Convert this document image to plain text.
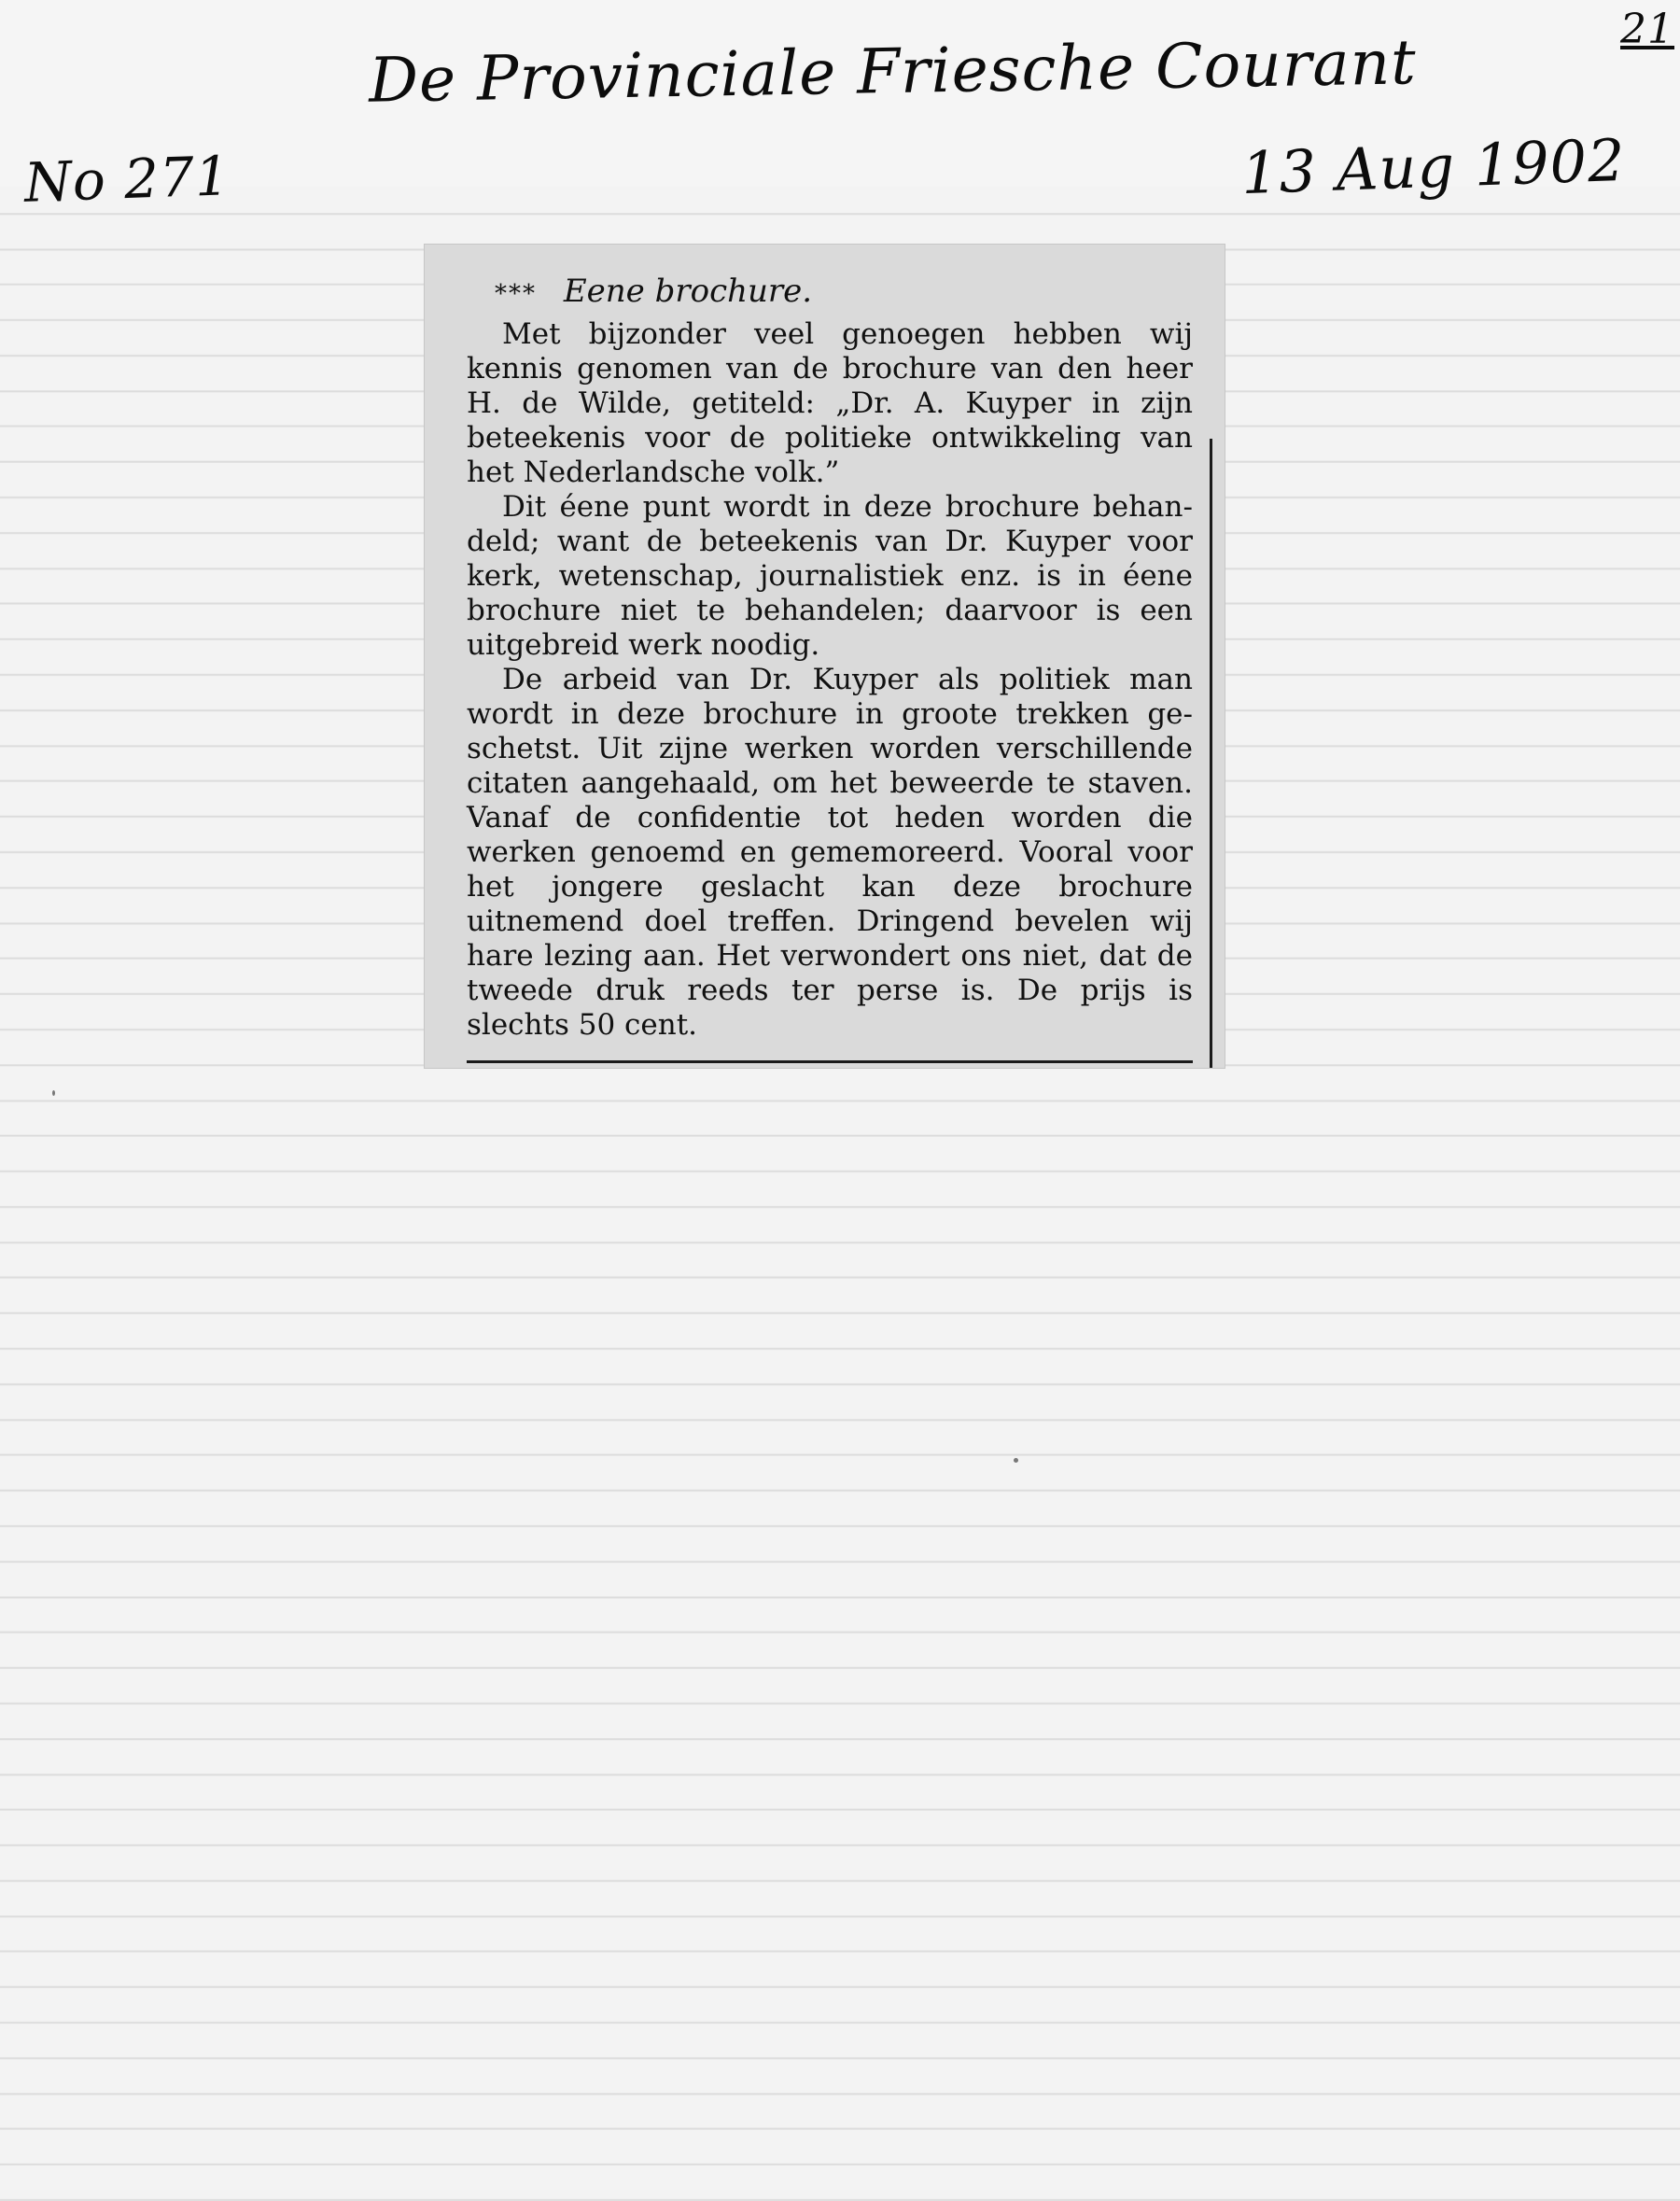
De Provinciale Friesche Courant
No 271	13 Aug 1902
21
*** Eene brochure.

Met bijzonder veel genoegen hebben wij kennis genomen van de brochure van den heer H. de Wilde, getiteld: „Dr. A. Kuyper in zijn beteekenis voor de politieke ontwikkeling van het Nederlandsche volk.”

Dit éene punt wordt in deze brochure behandeld; want de beteekenis van Dr. Kuyper voor kerk, wetenschap, journalistiek enz. is in éene brochure niet te behandelen; daarvoor is een uitgebreid werk noodig.

De arbeid van Dr. Kuyper als politiek man wordt in deze brochure in groote trekken geschetst. Uit zijne werken worden verschillende citaten aangehaald, om het beweerde te staven. Vanaf de confidentie tot heden worden die werken genoemd en gememoreerd. Vooral voor het jongere geslacht kan deze brochure uitnemend doel treffen. Dringend bevelen wij hare lezing aan. Het verwondert ons niet, dat de tweede druk reeds ter perse is. De prijs is slechts 50 cent.
